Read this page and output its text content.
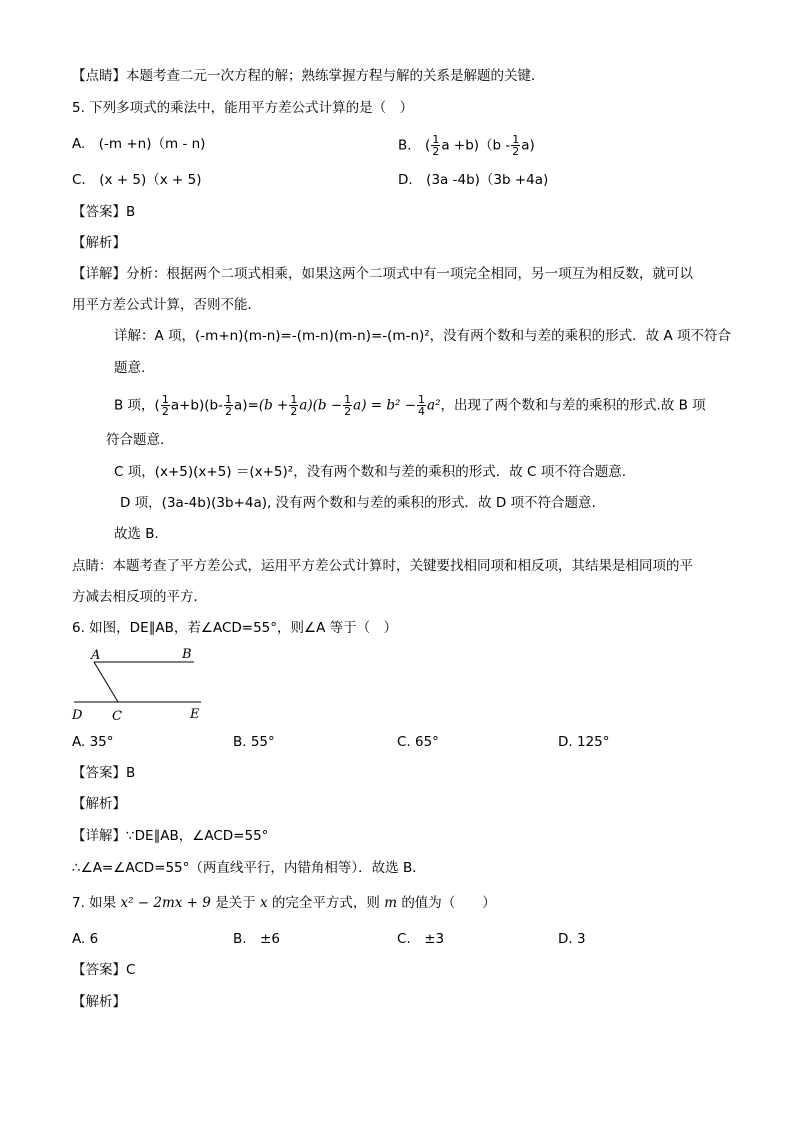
【点睛】本题考查二元一次方程的解；熟练掌握方程与解的关系是解题的关键．
5. 下列多项式的乘法中，能用平方差公式计算的是（　）
A.　(-m +n)（m - n)	B.　( $\frac{1}{2}$ $a +b)(b - \frac{1}{2} a)$
C.　(x + 5)（x + 5)	D.　(3a -4b)（3b +4a)
【答案】B
【解析】
【详解】分析：根据两个二项式相乘，如果这两个二项式中有一项完全相同，另一项互为相反数，就可以
用平方差公式计算，否则不能．
详解：A 项，(-m+n)(m-n)=-(m-n)(m-n)=-(m-n)²，没有两个数和与差的乘积的形式．故 A 项不符合
题意.
B 项，( $\frac{1}{2} a+b)(b- \frac{1}{2} a)=(b + \frac{1}{2} a)(b - \frac{1}{2} a) = b^2 - \frac{1}{4} a^2$，出现了两个数和与差的乘积的形式.故 B 项
符合题意.
C 项，(x+5)(x+5) ＝(x+5)²，没有两个数和与差的乘积的形式．故 C 项不符合题意.
D 项，(3a-4b)(3b+4a), 没有两个数和与差的乘积的形式．故 D 项不符合题意.
故选 B.
点睛：本题考查了平方差公式，运用平方差公式计算时，关键要找相同项和相反项，其结果是相同项的平
方减去相反项的平方．
6. 如图，DE∥AB，若∠ACD=55°，则∠A 等于（　）
A	B
D C	E
A. 35°	B. 55°	C. 65°	D. 125°
【答案】B
【解析】
【详解】∵DE∥AB，∠ACD=55°
∴∠A=∠ACD=55°（两直线平行，内错角相等）．故选 B．
7. 如果 x² − 2mx + 9 是关于 x 的完全平方式，则 m 的值为（　　）
A. 6	B.　±6	C.　±3	D. 3
【答案】C
【解析】
